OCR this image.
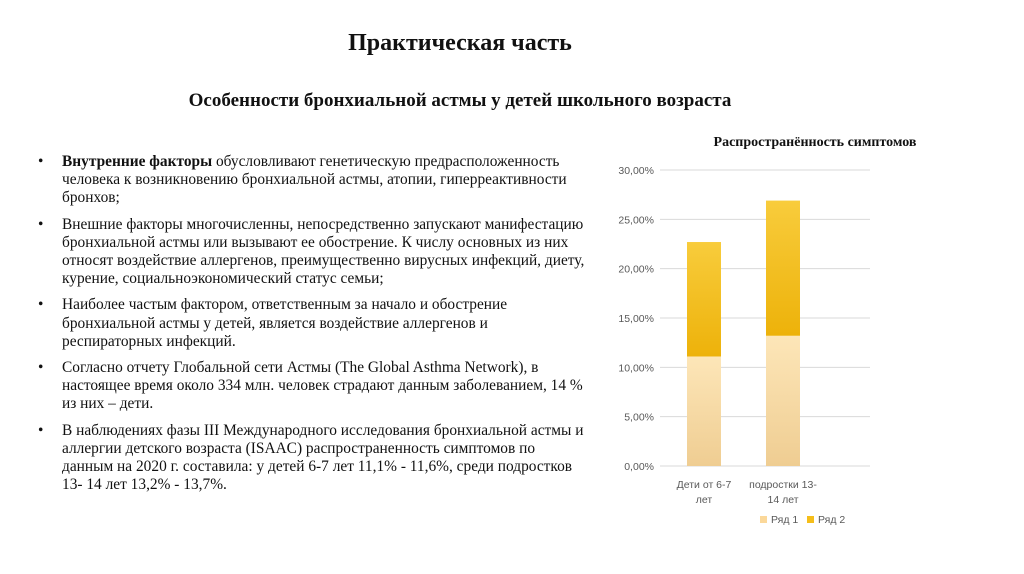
Практическая часть
Особенности бронхиальной астмы у детей школьного возраста
• Внутренние факторы обусловливают генетическую предрасположенность человека к возникновению бронхиальной астмы, атопии, гиперреактивности бронхов;
• Внешние факторы многочисленны, непосредственно запускают манифестацию бронхиальной астмы или вызывают ее обострение. К числу основных из них относят воздействие аллергенов, преимущественно вирусных инфекций, диету, курение, социальноэкономический статус семьи;
• Наиболее частым фактором, ответственным за начало и обострение бронхиальной астмы у детей, является воздействие аллергенов и респираторных инфекций.
• Согласно отчету Глобальной сети Астмы (The Global Asthma Network), в настоящее время около 334 млн. человек страдают данным заболеванием, 14 % из них – дети.
• В наблюдениях фазы III Международного исследования бронхиальной астмы и аллергии детского возраста (ISAAC) распространенность симптомов по данным на 2020 г. составила: у детей 6-7 лет 11,1% - 11,6%, среди подростков 13- 14 лет 13,2% - 13,7%.
Распространённость симптомов
0,00%
5,00%
10,00%
15,00%
20,00%
25,00%
30,00%
Дети от 6-7 лет
подростки 13-14 лет
Ряд 1 Ряд 2
